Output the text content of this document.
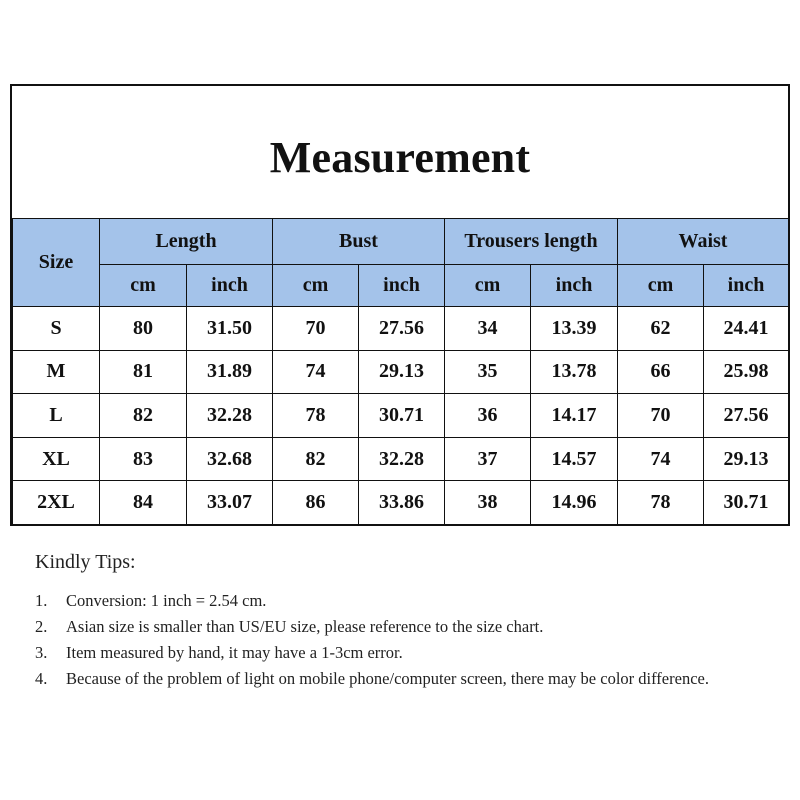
Measurement
Size	Length		Bust		Trousers length		Waist	
	cm	inch	cm	inch	cm	inch	cm	inch
S	80	31.50	70	27.56	34	13.39	62	24.41
M	81	31.89	74	29.13	35	13.78	66	25.98
L	82	32.28	78	30.71	36	14.17	70	27.56
XL	83	32.68	82	32.28	37	14.57	74	29.13
2XL	84	33.07	86	33.86	38	14.96	78	30.71
Kindly Tips:
1. Conversion: 1 inch = 2.54 cm.
2. Asian size is smaller than US/EU size, please reference to the size chart.
3. Item measured by hand, it may have a 1-3cm error.
4. Because of the problem of light on mobile phone/computer screen, there may be color difference.
